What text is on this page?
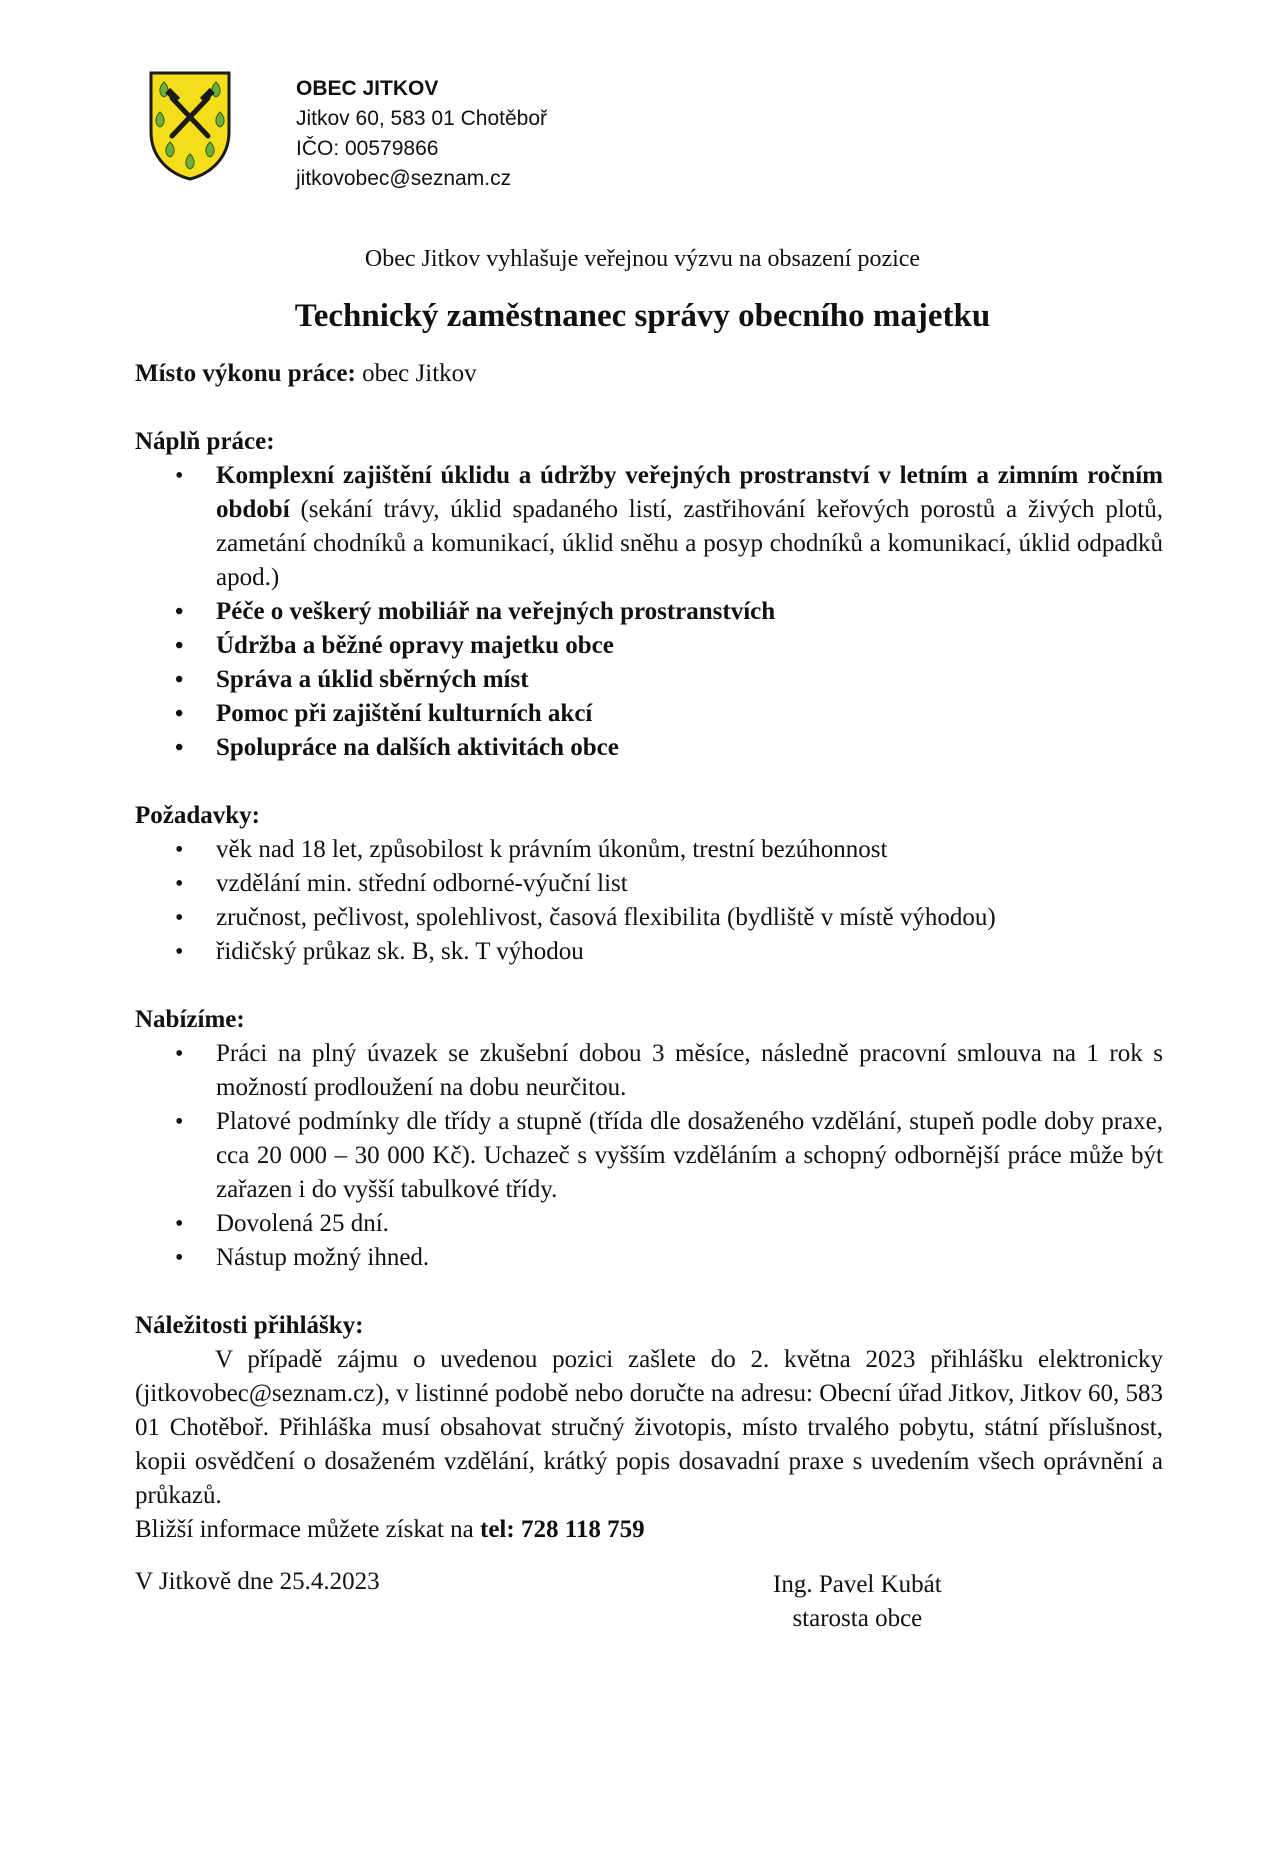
OBEC JITKOV
Jitkov 60, 583 01 Chotěboř
IČO: 00579866
jitkovobec@seznam.cz
Obec Jitkov vyhlašuje veřejnou výzvu na obsazení pozice
Technický zaměstnanec správy obecního majetku

Místo výkonu práce: obec Jitkov

Náplň práce:

• Komplexní zajištění úklidu a údržby veřejných prostranství v letním a zimním ročním období (sekání trávy, úklid spadaného listí, zastřihování keřových porostů a živých plotů, zametání chodníků a komunikací, úklid sněhu a posyp chodníků a komunikací, úklid odpadků apod.)
• Péče o veškerý mobiliář na veřejných prostranstvích
• Údržba a běžné opravy majetku obce
• Správa a úklid sběrných míst
• Pomoc při zajištění kulturních akcí
• Spolupráce na dalších aktivitách obce

Požadavky:

• věk nad 18 let, způsobilost k právním úkonům, trestní bezúhonnost
• vzdělání min. střední odborné-výuční list
• zručnost, pečlivost, spolehlivost, časová flexibilita (bydliště v místě výhodou)
• řidičský průkaz sk. B, sk. T výhodou

Nabízíme:

• Práci na plný úvazek se zkušební dobou 3 měsíce, následně pracovní smlouva na 1 rok s možností prodloužení na dobu neurčitou.
• Platové podmínky dle třídy a stupně (třída dle dosaženého vzdělání, stupeň podle doby praxe, cca 20 000 – 30 000 Kč). Uchazeč s vyšším vzděláním a schopný odbornější práce může být zařazen i do vyšší tabulkové třídy.
• Dovolená 25 dní.
• Nástup možný ihned.

Náležitosti přihlášky:

V případě zájmu o uvedenou pozici zašlete do 2. května 2023 přihlášku elektronicky (jitkovobec@seznam.cz), v listinné podobě nebo doručte na adresu: Obecní úřad Jitkov, Jitkov 60, 583 01 Chotěboř. Přihláška musí obsahovat stručný životopis, místo trvalého pobytu, státní příslušnost, kopii osvědčení o dosaženém vzdělání, krátký popis dosavadní praxe s uvedením všech oprávnění a průkazů.

Bližší informace můžete získat na tel: 728 118 759

V Jitkově dne 25.4.2023	Ing. Pavel Kubát
starosta obce
